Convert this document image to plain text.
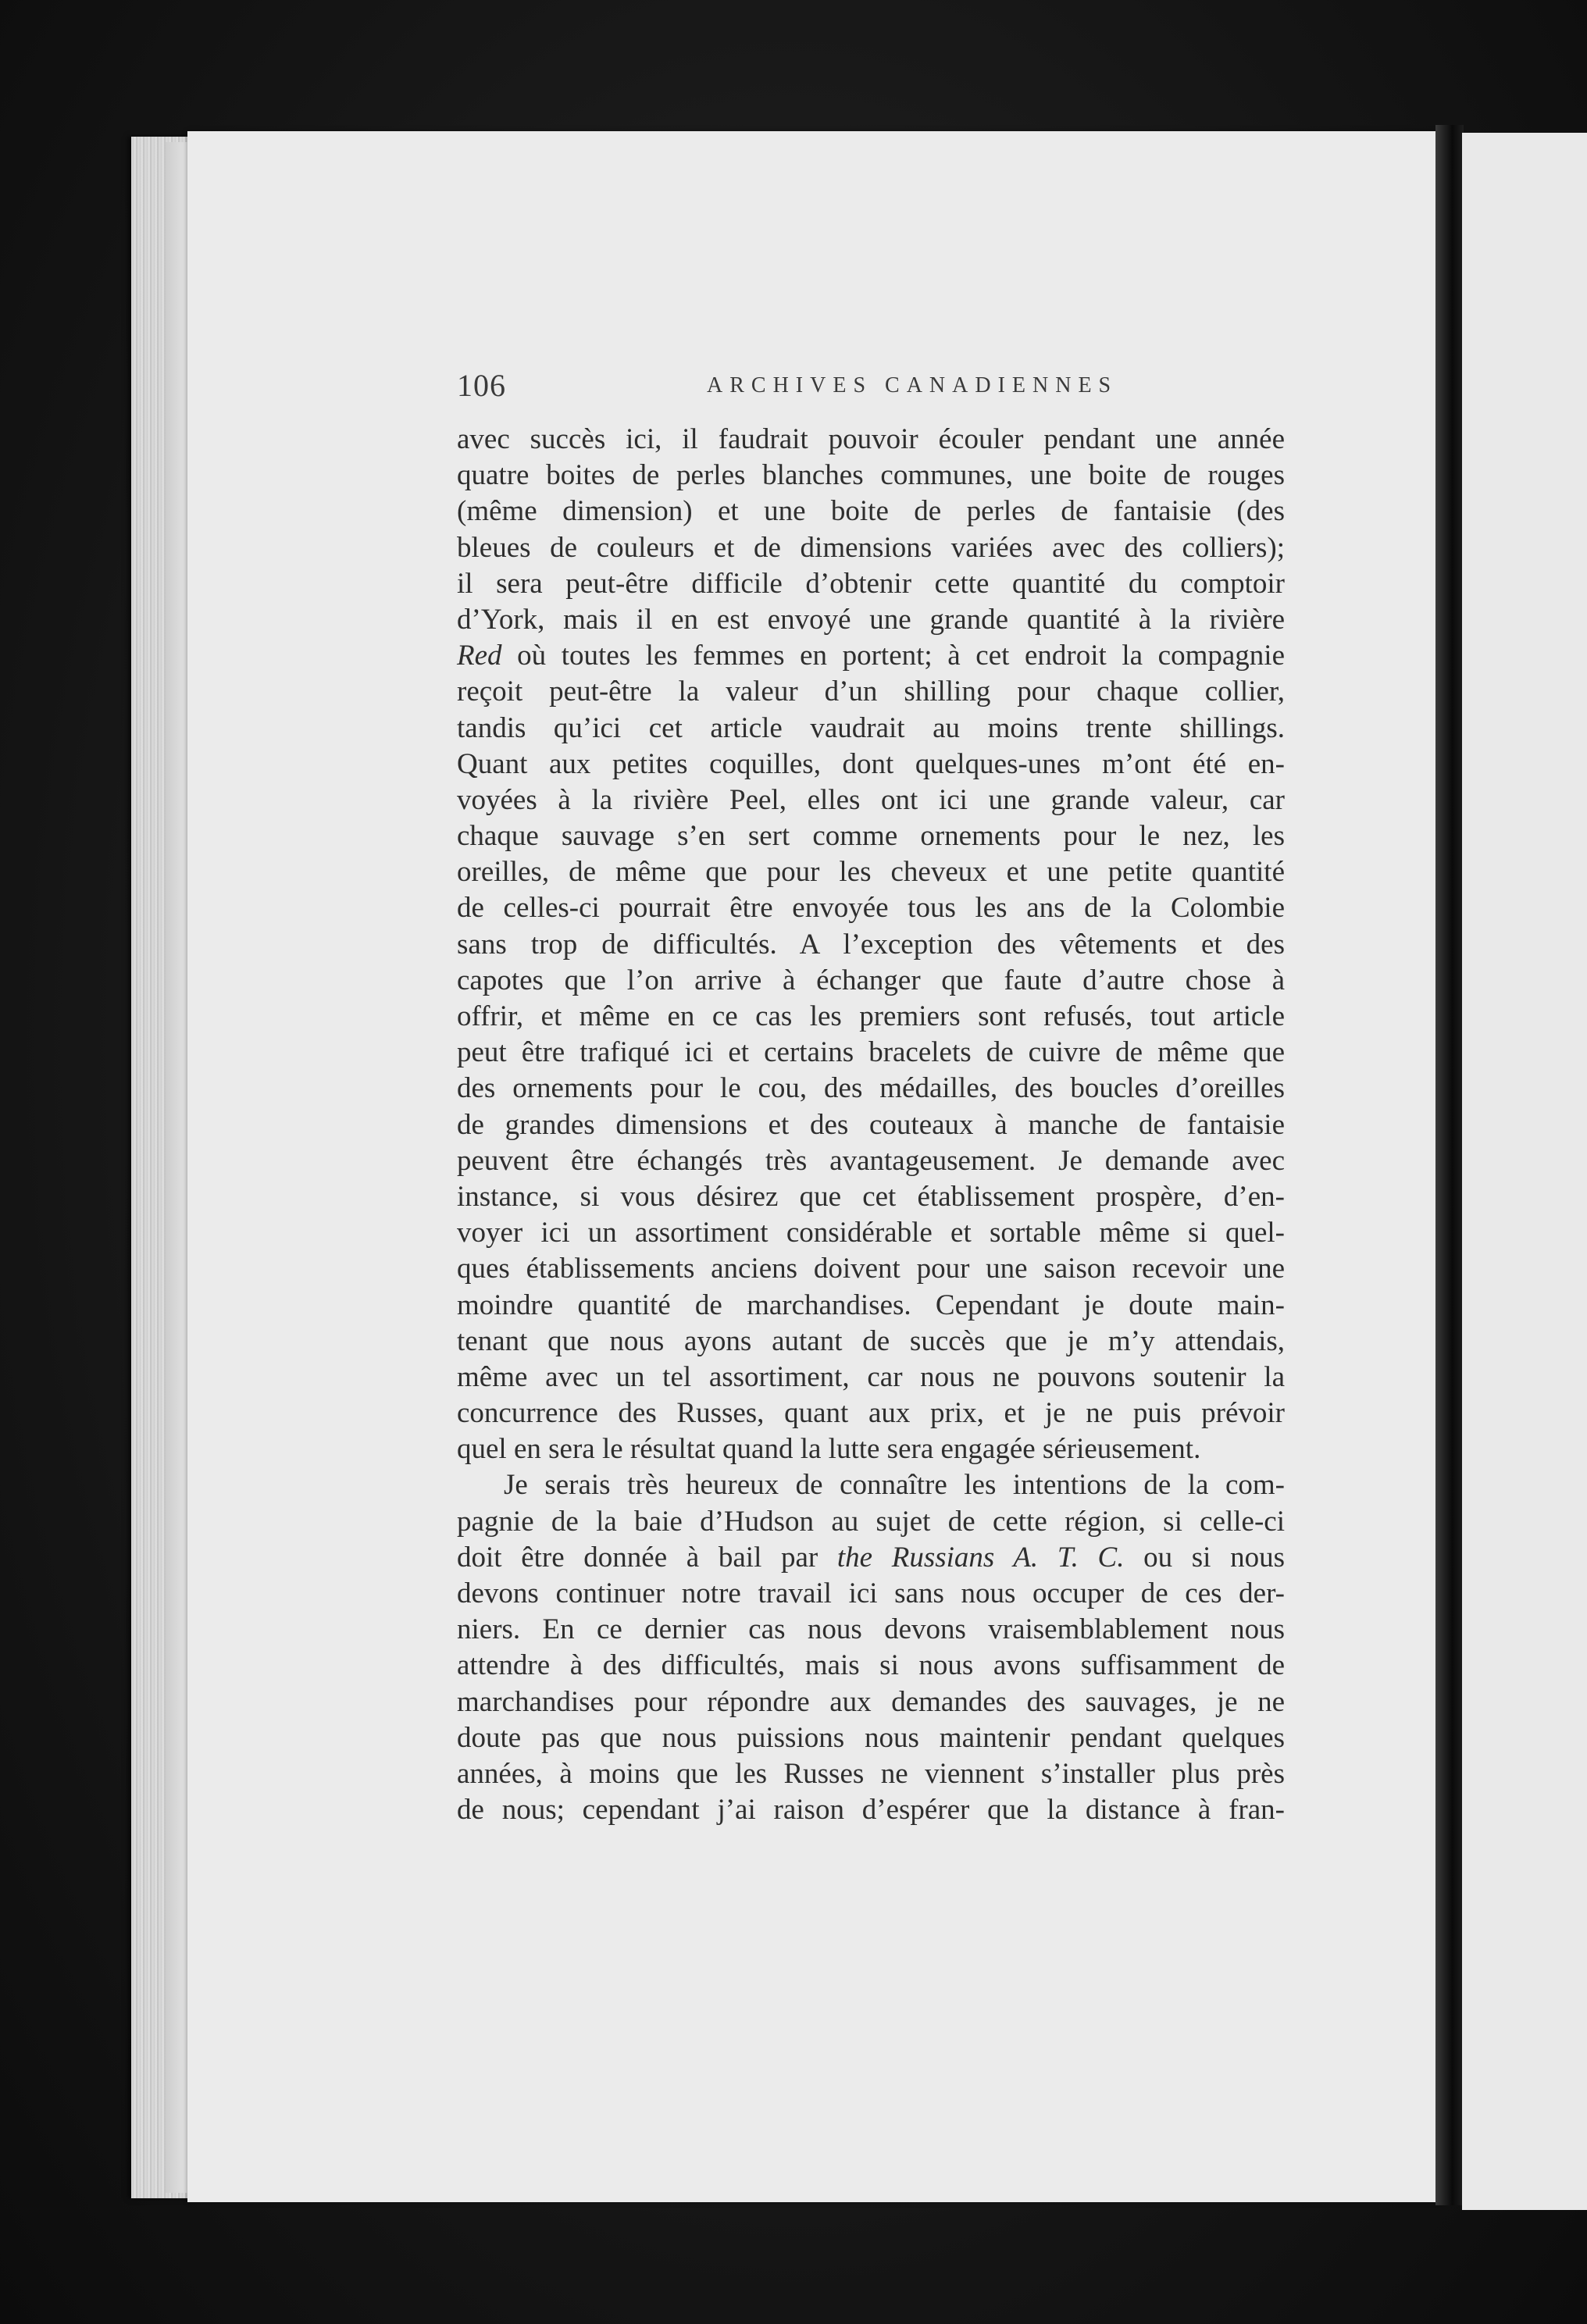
106	ARCHIVES CANADIENNES
avec succès ici, il faudrait pouvoir écouler pendant une année
quatre boites de perles blanches communes, une boite de rouges
(même dimension) et une boite de perles de fantaisie (des
bleues de couleurs et de dimensions variées avec des colliers);
il sera peut-être difficile d’obtenir cette quantité du comptoir
d’York, mais il en est envoyé une grande quantité à la rivière
Red où toutes les femmes en portent; à cet endroit la compagnie
reçoit peut-être la valeur d’un shilling pour chaque collier,
tandis qu’ici cet article vaudrait au moins trente shillings.
Quant aux petites coquilles, dont quelques-unes m’ont été en-
voyées à la rivière Peel, elles ont ici une grande valeur, car
chaque sauvage s’en sert comme ornements pour le nez, les
oreilles, de même que pour les cheveux et une petite quantité
de celles-ci pourrait être envoyée tous les ans de la Colombie
sans trop de difficultés. A l’exception des vêtements et des
capotes que l’on arrive à échanger que faute d’autre chose à
offrir, et même en ce cas les premiers sont refusés, tout article
peut être trafiqué ici et certains bracelets de cuivre de même que
des ornements pour le cou, des médailles, des boucles d’oreilles
de grandes dimensions et des couteaux à manche de fantaisie
peuvent être échangés très avantageusement. Je demande avec
instance, si vous désirez que cet établissement prospère, d’en-
voyer ici un assortiment considérable et sortable même si quel-
ques établissements anciens doivent pour une saison recevoir une
moindre quantité de marchandises. Cependant je doute main-
tenant que nous ayons autant de succès que je m’y attendais,
même avec un tel assortiment, car nous ne pouvons soutenir la
concurrence des Russes, quant aux prix, et je ne puis prévoir
quel en sera le résultat quand la lutte sera engagée sérieusement.
Je serais très heureux de connaître les intentions de la com-
pagnie de la baie d’Hudson au sujet de cette région, si celle-ci
doit être donnée à bail par the Russians A. T. C. ou si nous
devons continuer notre travail ici sans nous occuper de ces der-
niers. En ce dernier cas nous devons vraisemblablement nous
attendre à des difficultés, mais si nous avons suffisamment de
marchandises pour répondre aux demandes des sauvages, je ne
doute pas que nous puissions nous maintenir pendant quelques
années, à moins que les Russes ne viennent s’installer plus près
de nous; cependant j’ai raison d’espérer que la distance à fran-
